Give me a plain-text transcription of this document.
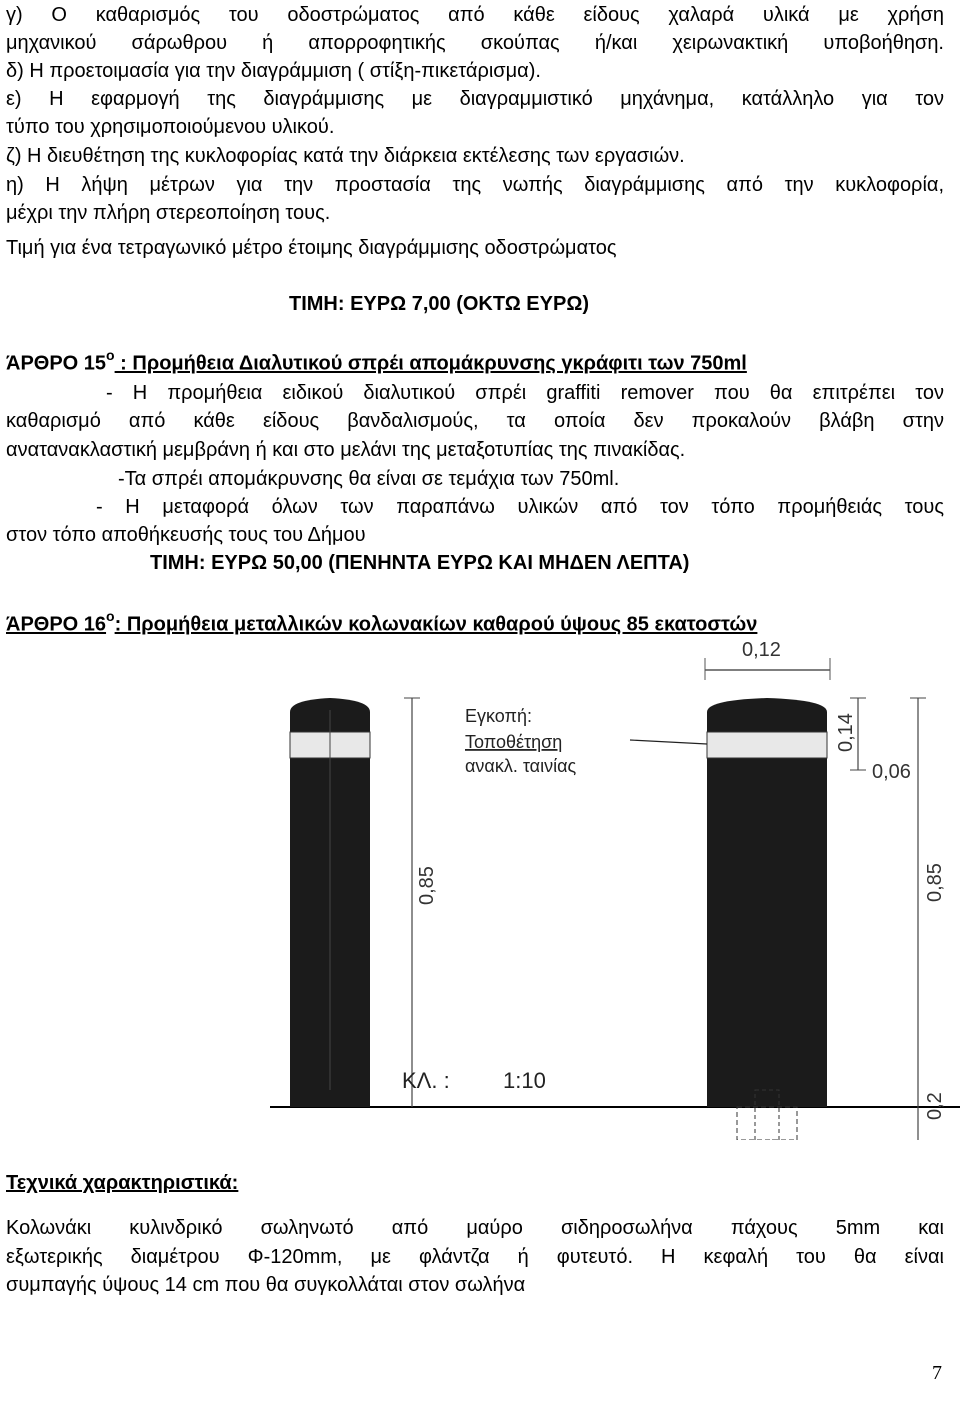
γ) Ο καθαρισμός του οδοστρώματος από κάθε είδους χαλαρά υλικά με χρήση
μηχανικού σάρωθρου ή απορροφητικής σκούπας ή/και χειρωνακτική υποβοήθηση.
δ) Η προετοιμασία για την διαγράμμιση ( στίξη-πικετάρισμα).
ε) Η εφαρμογή της διαγράμμισης με διαγραμμιστικό μηχάνημα, κατάλληλο για τον
τύπο του χρησιμοποιούμενου υλικού.
ζ) Η διευθέτηση της κυκλοφορίας κατά την διάρκεια εκτέλεσης των εργασιών.
η) Η λήψη μέτρων για την προστασία της νωπής διαγράμμισης από την κυκλοφορία,
μέχρι την πλήρη στερεοποίηση τους.
Τιμή για ένα τετραγωνικό μέτρο έτοιμης διαγράμμισης οδοστρώματος
ΤΙΜΗ: ΕΥΡΩ 7,00 (ΟΚΤΩ ΕΥΡΩ)
ΆΡΘΡΟ $15^o$ : Προμήθεια Διαλυτικού σπρέι απομάκρυνσης γκράφιτι των 750ml
- Η προμήθεια ειδικού διαλυτικού σπρέι graffiti remover που θα επιτρέπει τον
καθαρισμό από κάθε είδους βανδαλισμούς, τα οποία δεν προκαλούν βλάβη στην
ανατανακλαστική μεμβράνη ή και στο μελάνι της μεταξοτυπίας της πινακίδας.
-Τα σπρέι απομάκρυνσης θα είναι σε τεμάχια των 750ml.
- Η μεταφορά όλων των παραπάνω υλικών από τον τόπο προμήθειάς τους
στον τόπο αποθήκευσής τους του Δήμου
ΤΙΜΗ: ΕΥΡΩ 50,00 (ΠΕΝΗΝΤΑ ΕΥΡΩ ΚΑΙ ΜΗΔΕΝ ΛΕΠΤΑ)
ΆΡΘΡΟ $16^o$: Προμήθεια μεταλλικών κολωνακίων καθαρού ύψους 85 εκατοστών
0,12
0,85
Εγκοπή:
Τοποθέτηση
ανακλ. ταινίας
0,14
0,06
0,85
0,2
ΚΛ. : 1:10
Τεχνικά χαρακτηριστικά:
Κολωνάκι κυλινδρικό σωληνωτό από μαύρο σιδηροσωλήνα πάχους 5mm και
εξωτερικής διαμέτρου Φ-120mm, με φλάντζα ή φυτευτό. Η κεφαλή του θα είναι
συμπαγής ύψους 14 cm που θα συγκολλάται στον σωλήνα
7
